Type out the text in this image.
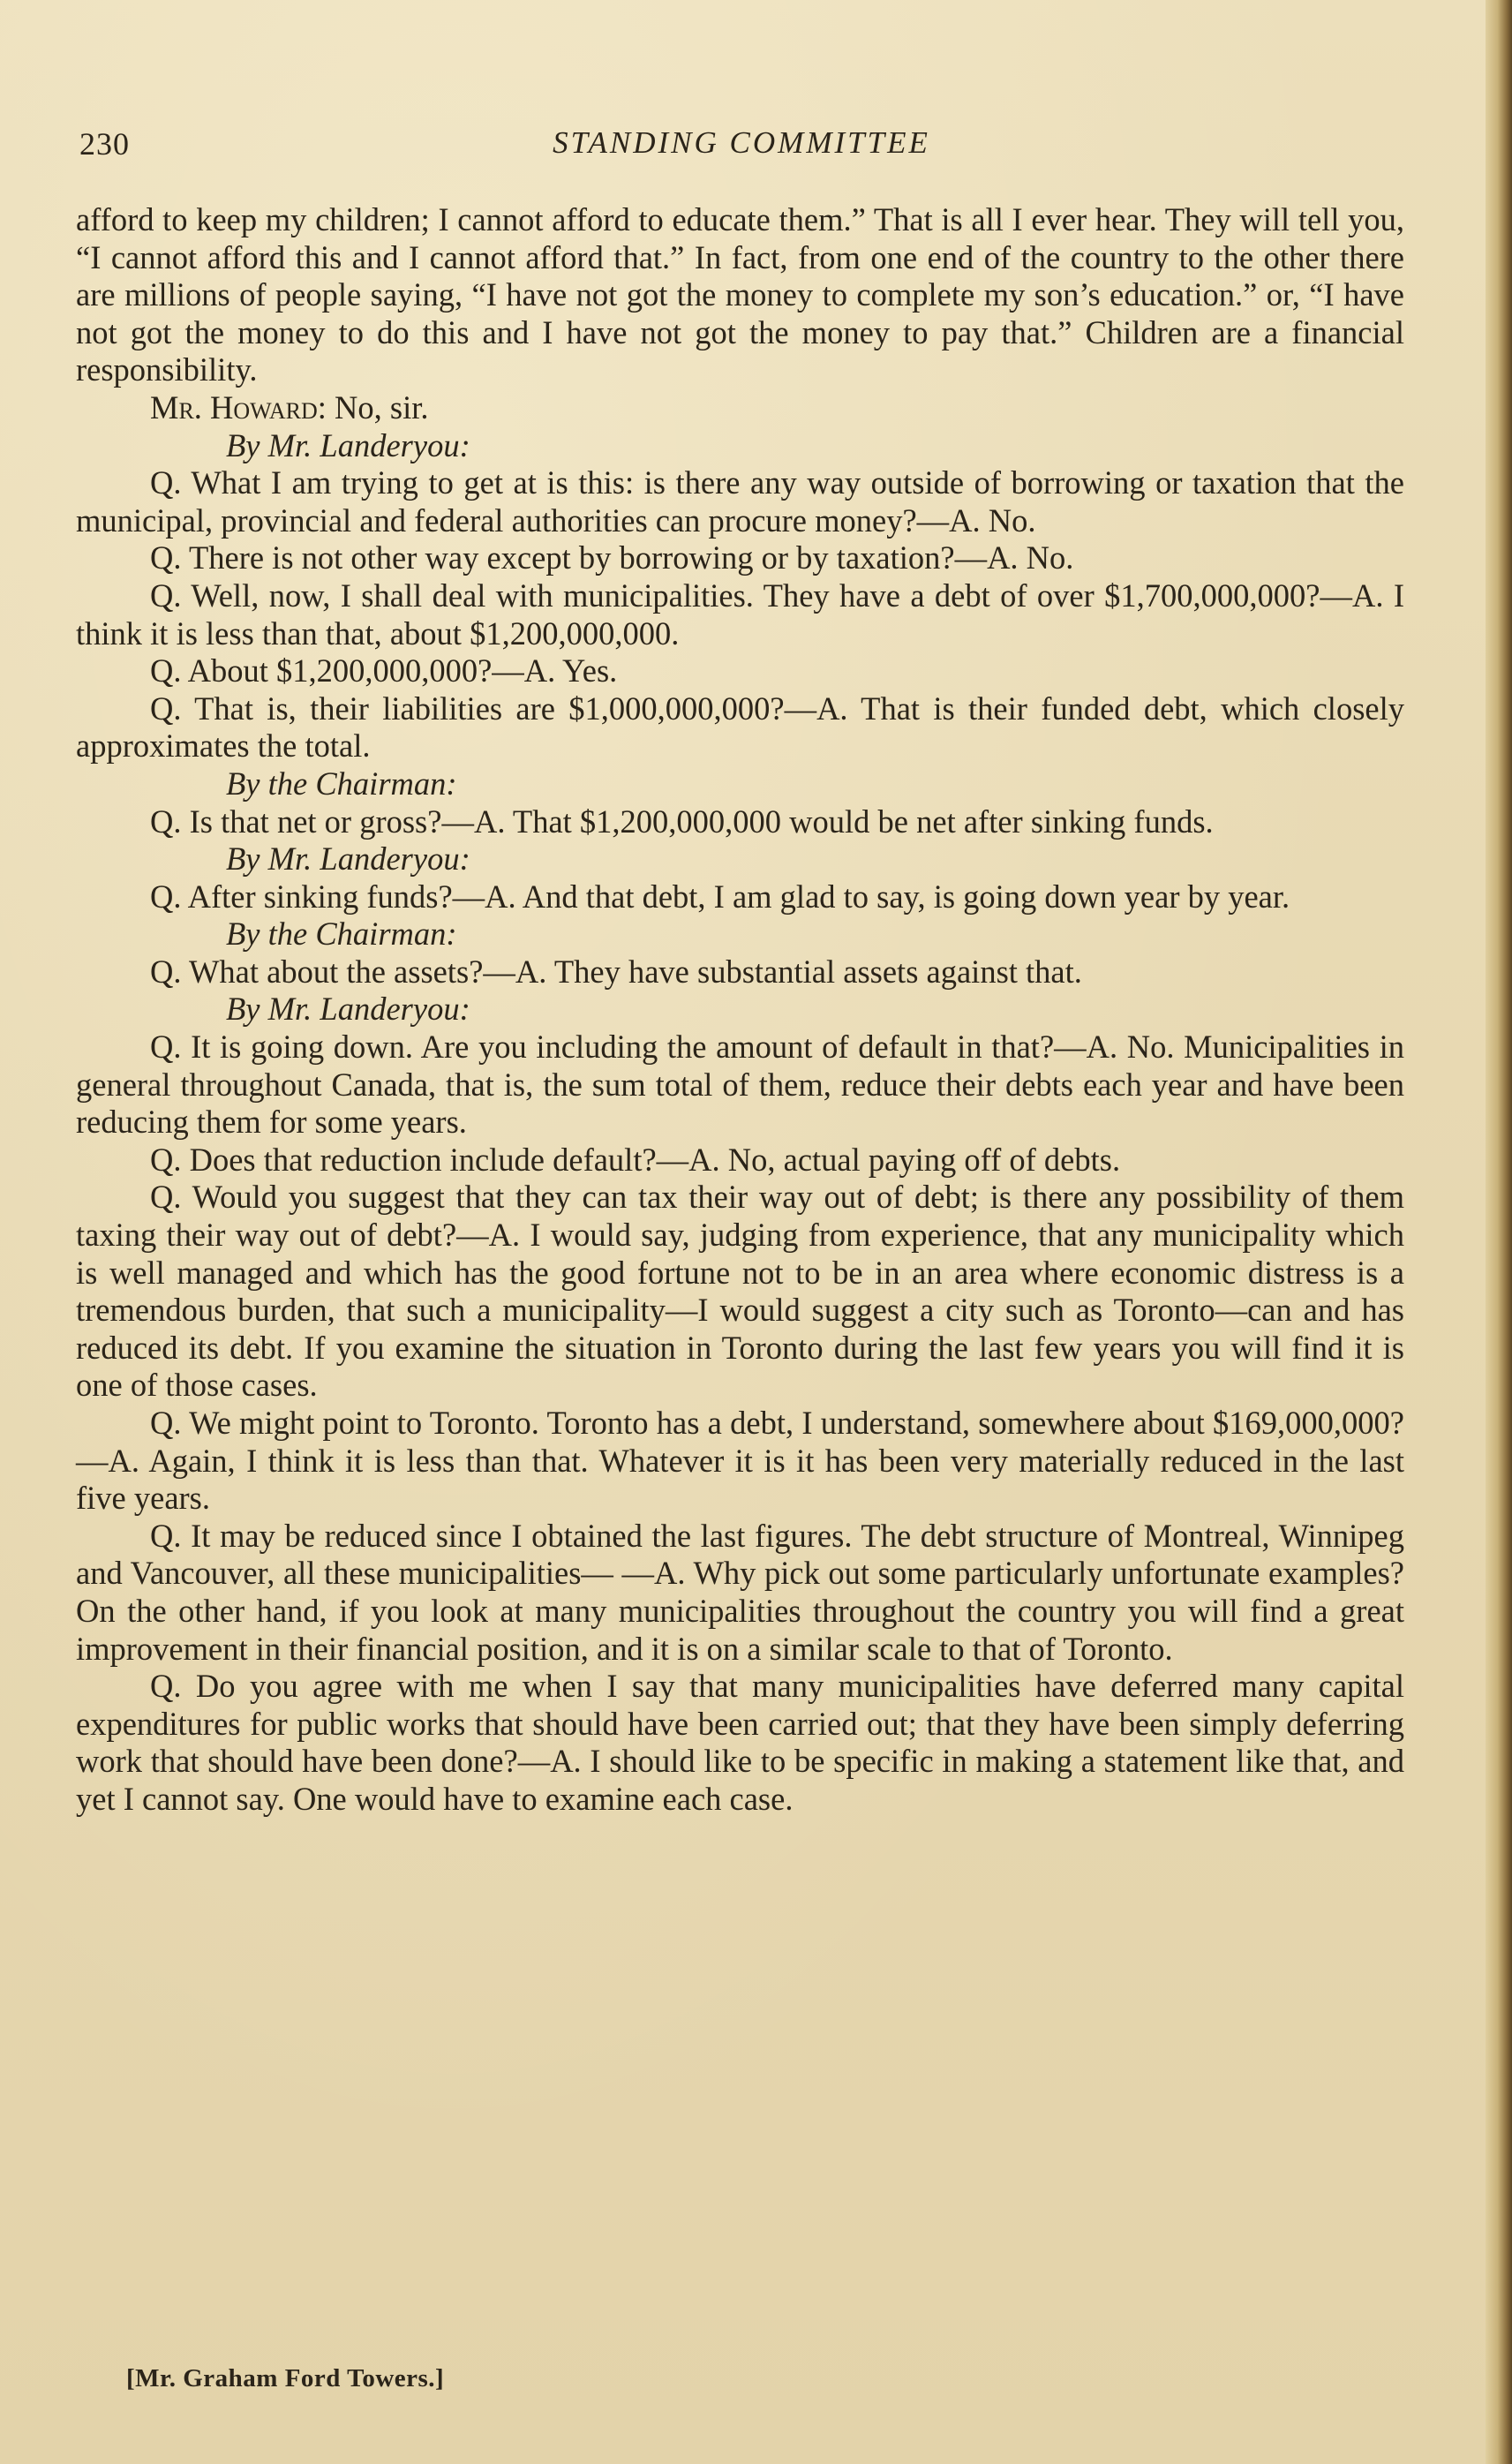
230	STANDING COMMITTEE

afford to keep my children; I cannot afford to educate them.” That is all I ever hear. They will tell you, “I cannot afford this and I cannot afford that.” In fact, from one end of the country to the other there are millions of people saying, “I have not got the money to complete my son’s education.” or, “I have not got the money to do this and I have not got the money to pay that.” Children are a financial responsibility.

Mr. Howard: No, sir.

By Mr. Landeryou:

Q. What I am trying to get at is this: is there any way outside of borrowing or taxation that the municipal, provincial and federal authorities can procure money?—A. No.

Q. There is not other way except by borrowing or by taxation?—A. No.

Q. Well, now, I shall deal with municipalities. They have a debt of over $1,700,000,000?—A. I think it is less than that, about $1,200,000,000.

Q. About $1,200,000,000?—A. Yes.

Q. That is, their liabilities are $1,000,000,000?—A. That is their funded debt, which closely approximates the total.

By the Chairman:

Q. Is that net or gross?—A. That $1,200,000,000 would be net after sinking funds.

By Mr. Landeryou:

Q. After sinking funds?—A. And that debt, I am glad to say, is going down year by year.

By the Chairman:

Q. What about the assets?—A. They have substantial assets against that.

By Mr. Landeryou:

Q. It is going down. Are you including the amount of default in that?—A. No. Municipalities in general throughout Canada, that is, the sum total of them, reduce their debts each year and have been reducing them for some years.

Q. Does that reduction include default?—A. No, actual paying off of debts.

Q. Would you suggest that they can tax their way out of debt; is there any possibility of them taxing their way out of debt?—A. I would say, judging from experience, that any municipality which is well managed and which has the good fortune not to be in an area where economic distress is a tremendous burden, that such a municipality—I would suggest a city such as Toronto—can and has reduced its debt. If you examine the situation in Toronto during the last few years you will find it is one of those cases.

Q. We might point to Toronto. Toronto has a debt, I understand, somewhere about $169,000,000?—A. Again, I think it is less than that. Whatever it is it has been very materially reduced in the last five years.

Q. It may be reduced since I obtained the last figures. The debt structure of Montreal, Winnipeg and Vancouver, all these municipalities— —A. Why pick out some particularly unfortunate examples? On the other hand, if you look at many municipalities throughout the country you will find a great improvement in their financial position, and it is on a similar scale to that of Toronto.

Q. Do you agree with me when I say that many municipalities have deferred many capital expenditures for public works that should have been carried out; that they have been simply deferring work that should have been done?—A. I should like to be specific in making a statement like that, and yet I cannot say. One would have to examine each case.

[Mr. Graham Ford Towers.]
